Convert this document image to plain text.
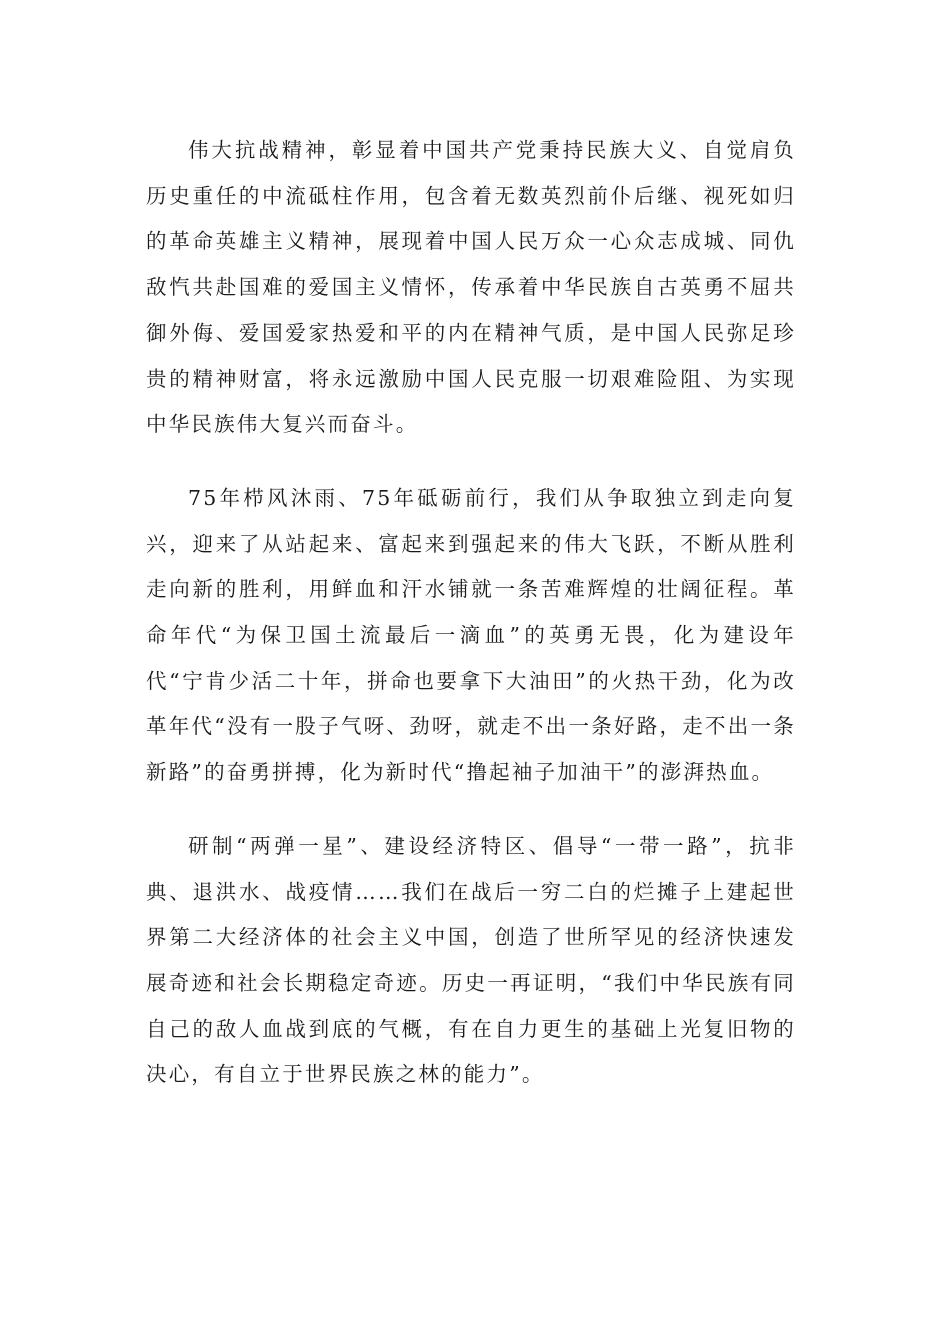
伟大抗战精神，彰显着中国共产党秉持民族大义、自觉肩负历史重任的中流砥柱作用，包含着无数英烈前仆后继、视死如归的革命英雄主义精神，展现着中国人民万众一心众志成城、同仇敌忾共赴国难的爱国主义情怀，传承着中华民族自古英勇不屈共御外侮、爱国爱家热爱和平的内在精神气质，是中国人民弥足珍贵的精神财富，将永远激励中国人民克服一切艰难险阻、为实现中华民族伟大复兴而奋斗。

75年栉风沐雨、75年砥砺前行，我们从争取独立到走向复兴，迎来了从站起来、富起来到强起来的伟大飞跃，不断从胜利走向新的胜利，用鲜血和汗水铺就一条苦难辉煌的壮阔征程。革命年代“为保卫国土流最后一滴血”的英勇无畏，化为建设年代“宁肯少活二十年，拼命也要拿下大油田”的火热干劲，化为改革年代“没有一股子气呀、劲呀，就走不出一条好路，走不出一条新路”的奋勇拼搏，化为新时代“撸起袖子加油干”的澎湃热血。

研制“两弹一星”、建设经济特区、倡导“一带一路”，抗非典、退洪水、战疫情……我们在战后一穷二白的烂摊子上建起世界第二大经济体的社会主义中国，创造了世所罕见的经济快速发展奇迹和社会长期稳定奇迹。历史一再证明，“我们中华民族有同自己的敌人血战到底的气概，有在自力更生的基础上光复旧物的决心，有自立于世界民族之林的能力”。
